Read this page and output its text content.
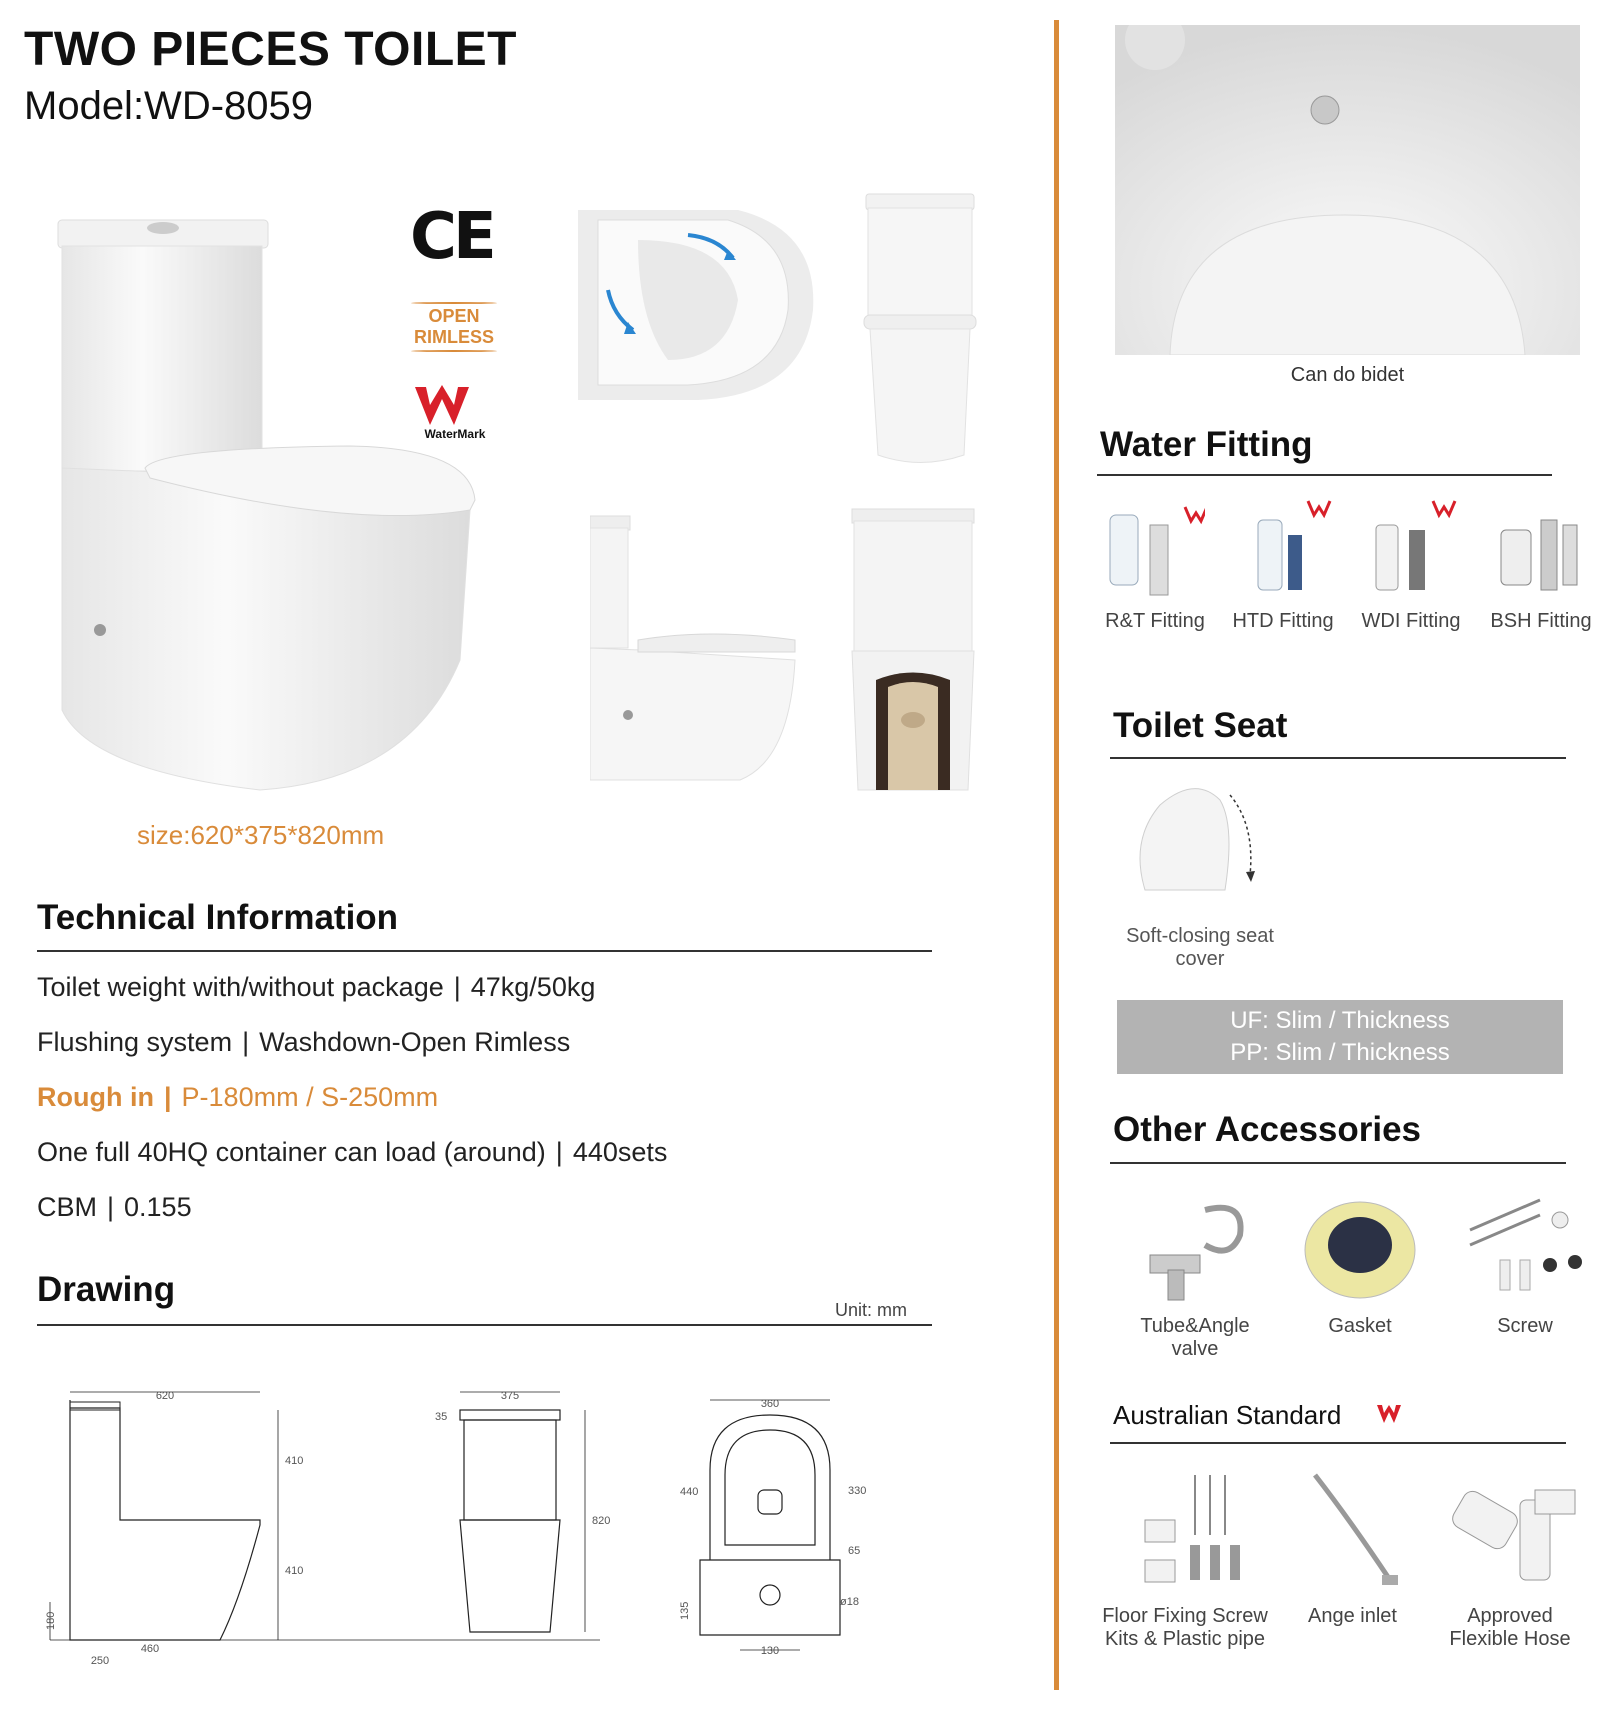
TWO PIECES TOILET
Model:WD-8059
CE
OPEN
RIMLESS
WaterMark
size:620*375*820mm
Technical Information
Toilet weight with/without package | 47kg/50kg
Flushing system | Washdown-Open Rimless
Rough in | P-180mm / S-250mm
One full 40HQ container can load (around) | 440sets
CBM | 0.155
Drawing
Unit: mm
620
410
410
180
250
460
375
35
820
360
440	330
65
135	ø18
130
Can do bidet
Water Fitting
R&T Fitting	HTD Fitting	WDI Fitting	BSH Fitting
Toilet Seat
Soft-closing seat
cover
UF: Slim / Thickness
PP: Slim / Thickness
Other Accessories
Tube&Angle
valve
Gasket	Screw
Australian Standard
Floor Fixing Screw
Kits & Plastic pipe
Ange inlet	Approved
Flexible Hose
